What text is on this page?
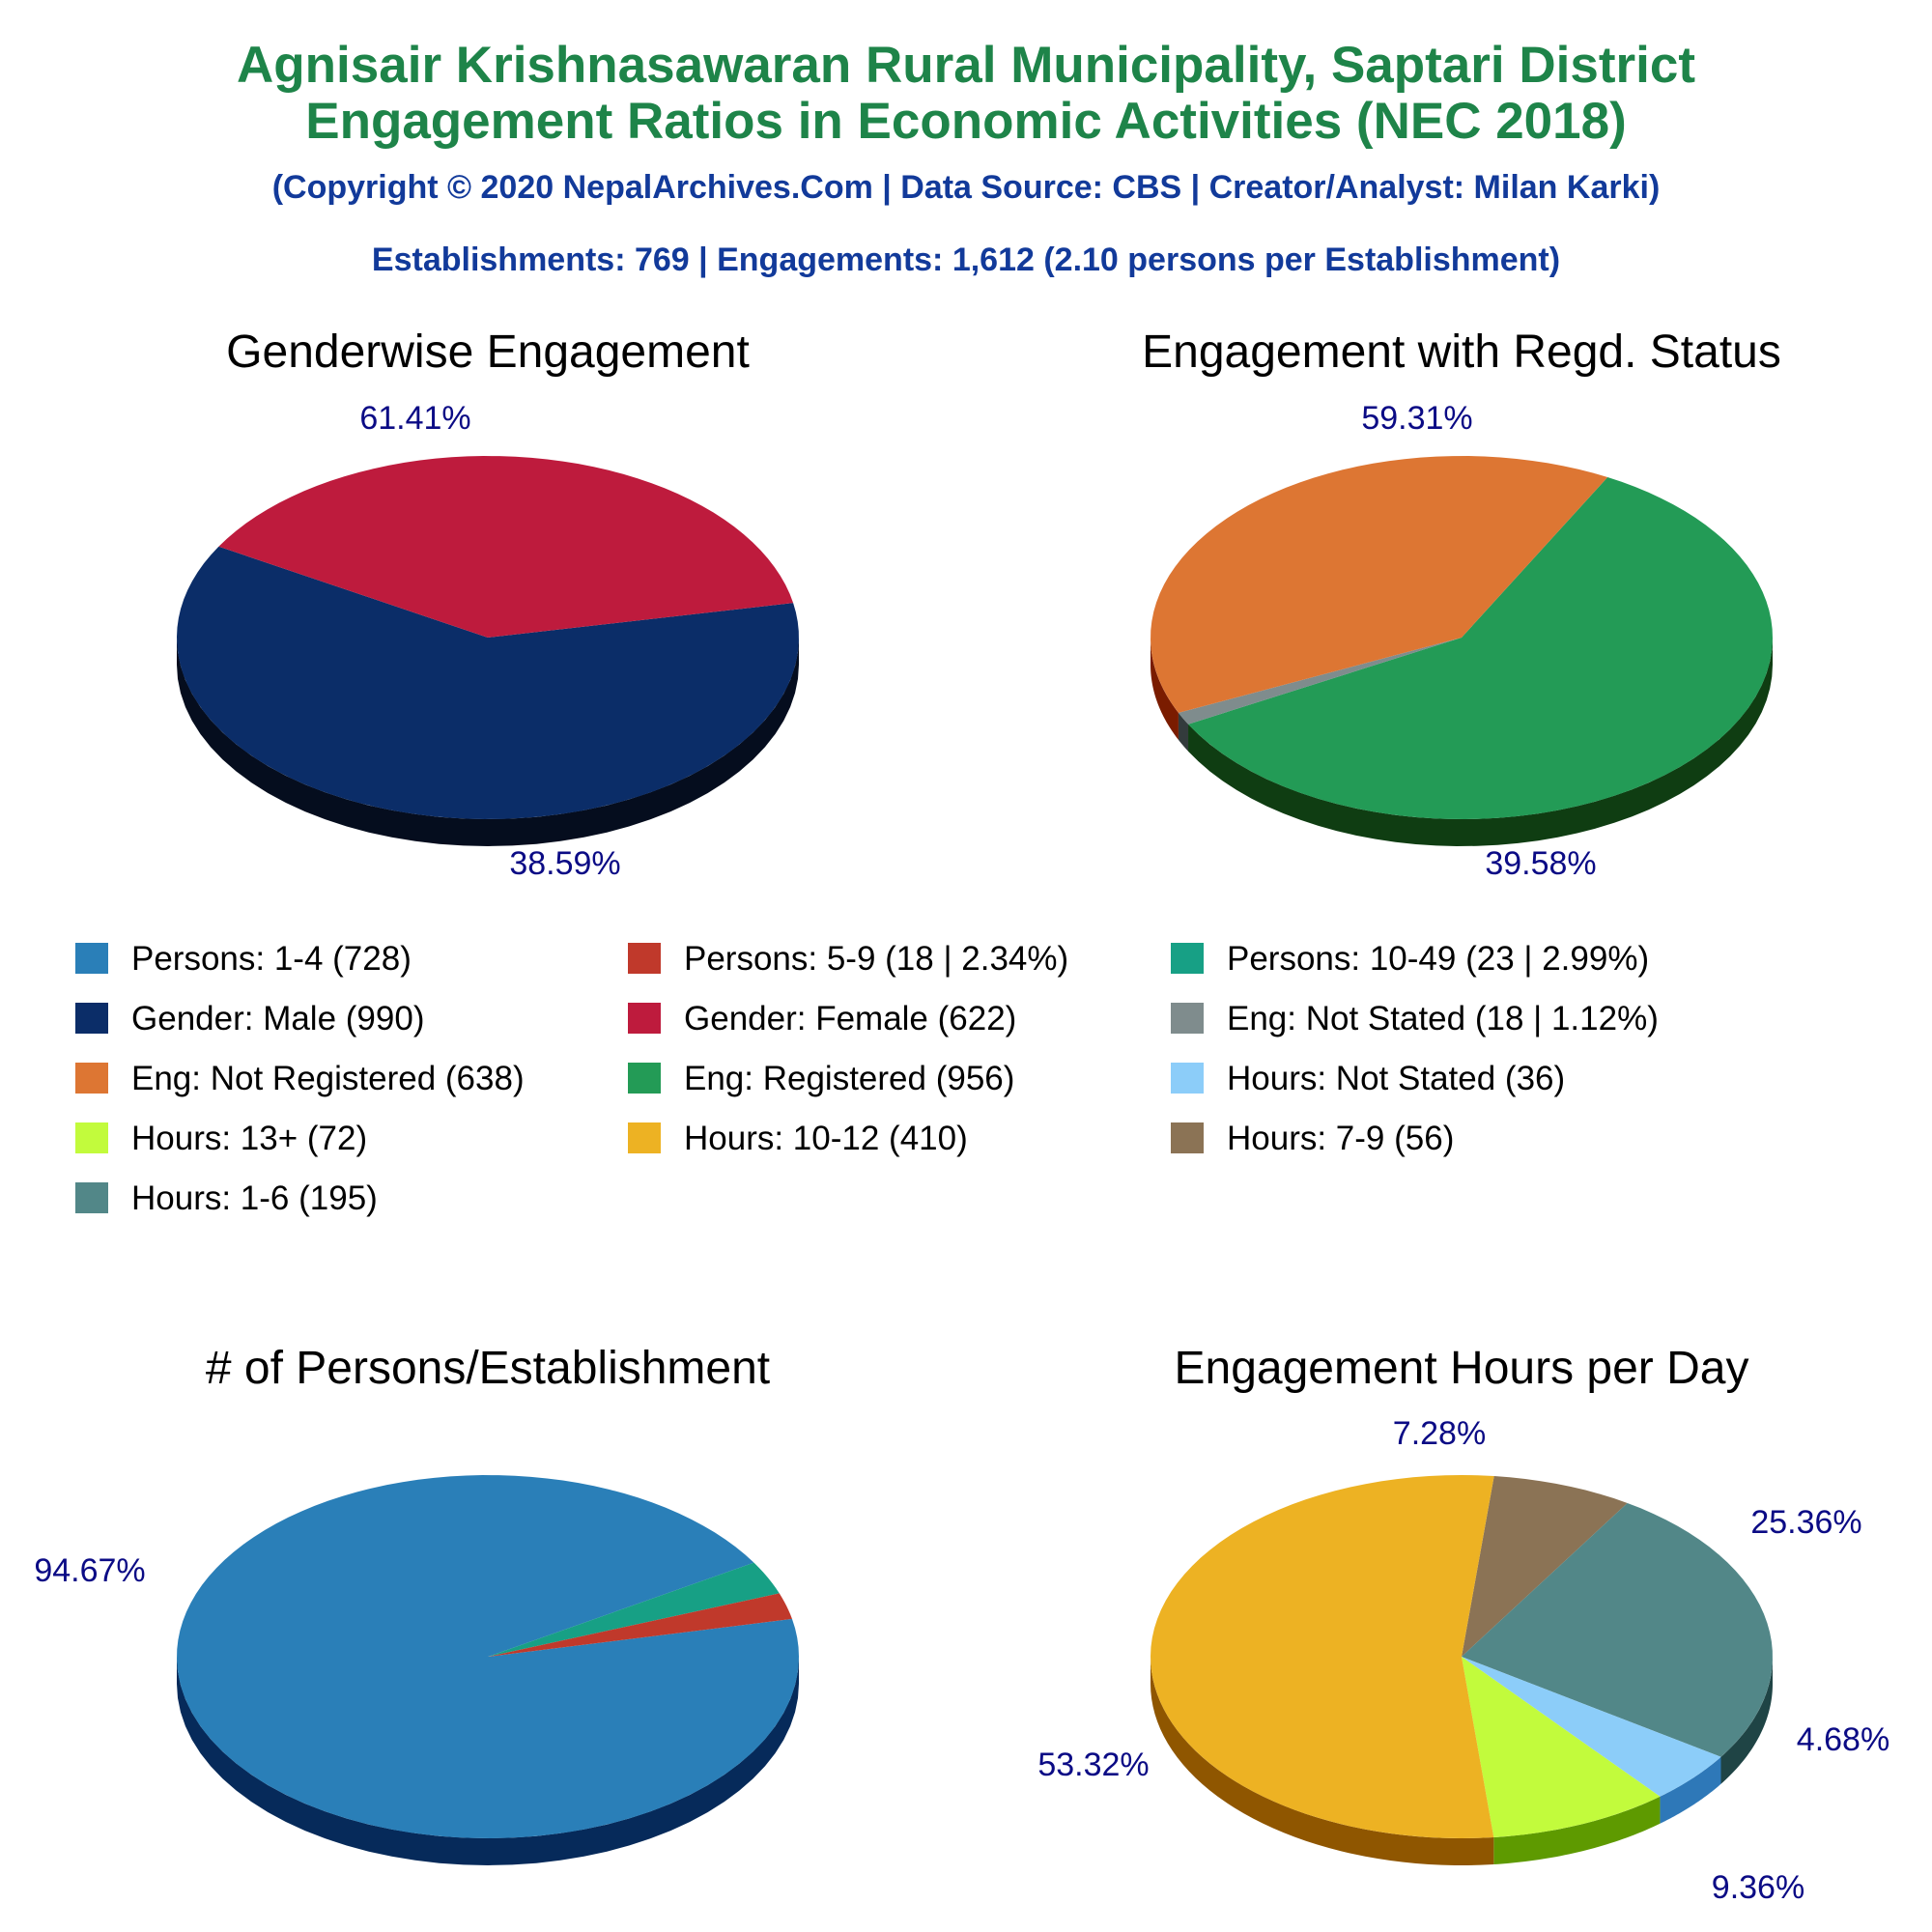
Agnisair Krishnasawaran Rural Municipality, Saptari District
Engagement Ratios in Economic Activities (NEC 2018)
(Copyright © 2020 NepalArchives.Com | Data Source: CBS | Creator/Analyst: Milan Karki)
Establishments: 769 | Engagements: 1,612 (2.10 persons per Establishment)
Genderwise Engagement
61.41%
38.59%
Engagement with Regd. Status
59.31%
39.58%
# of Persons/Establishment
94.67%
Engagement Hours per Day
7.28%
25.36%
4.68%
9.36%
53.32%
Persons: 1-4 (728)	Persons: 5-9 (18 | 2.34%)	Persons: 10-49 (23 | 2.99%)
Gender: Male (990)	Gender: Female (622)	Eng: Not Stated (18 | 1.12%)
Eng: Not Registered (638)	Eng: Registered (956)	Hours: Not Stated (36)
Hours: 13+ (72)	Hours: 10-12 (410)	Hours: 7-9 (56)
Hours: 1-6 (195)
